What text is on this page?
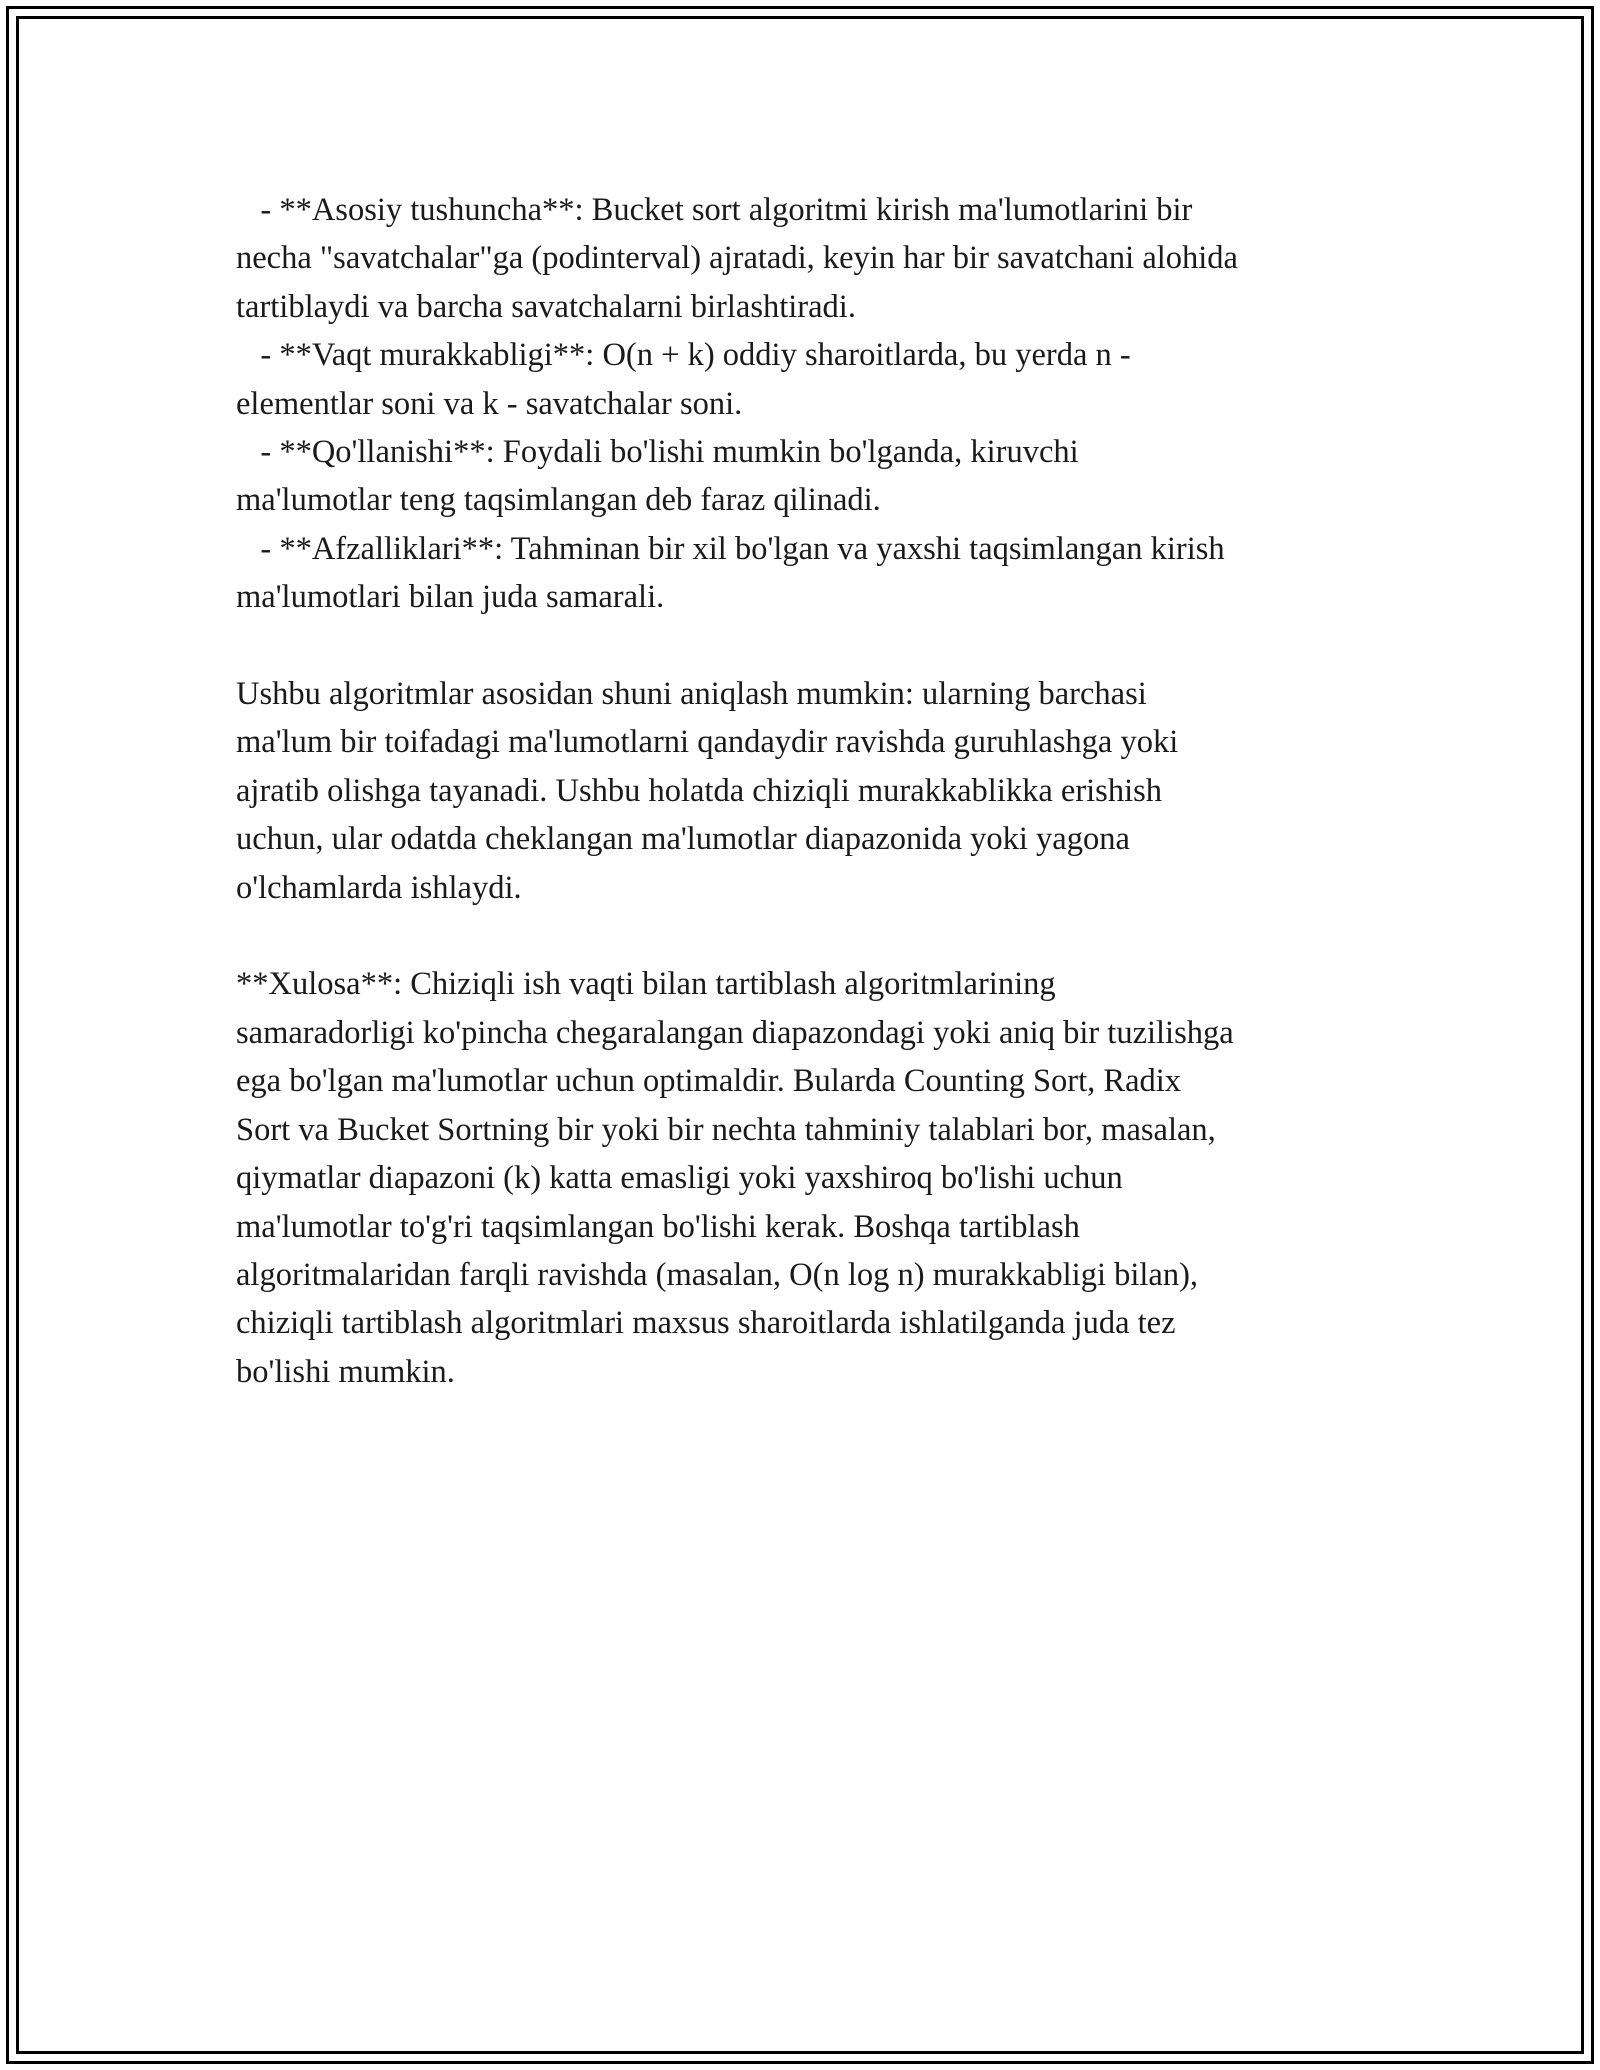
- **Asosiy tushuncha**: Bucket sort algoritmi kirish ma'lumotlarini bir
necha "savatchalar"ga (podinterval) ajratadi, keyin har bir savatchani alohida
tartiblaydi va barcha savatchalarni birlashtiradi.

- **Vaqt murakkabligi**: O(n + k) oddiy sharoitlarda, bu yerda n -
elementlar soni va k - savatchalar soni.

- **Qo'llanishi**: Foydali bo'lishi mumkin bo'lganda, kiruvchi
ma'lumotlar teng taqsimlangan deb faraz qilinadi.

- **Afzalliklari**: Tahminan bir xil bo'lgan va yaxshi taqsimlangan kirish
ma'lumotlari bilan juda samarali.

Ushbu algoritmlar asosidan shuni aniqlash mumkin: ularning barchasi
ma'lum bir toifadagi ma'lumotlarni qandaydir ravishda guruhlashga yoki
ajratib olishga tayanadi. Ushbu holatda chiziqli murakkablikka erishish
uchun, ular odatda cheklangan ma'lumotlar diapazonida yoki yagona
o'lchamlarda ishlaydi.

**Xulosa**: Chiziqli ish vaqti bilan tartiblash algoritmlarining
samaradorligi ko'pincha chegaralangan diapazondagi yoki aniq bir tuzilishga
ega bo'lgan ma'lumotlar uchun optimaldir. Bularda Counting Sort, Radix
Sort va Bucket Sortning bir yoki bir nechta tahminiy talablari bor, masalan,
qiymatlar diapazoni (k) katta emasligi yoki yaxshiroq bo'lishi uchun
ma'lumotlar to'g'ri taqsimlangan bo'lishi kerak. Boshqa tartiblash
algoritmalaridan farqli ravishda (masalan, O(n log n) murakkabligi bilan),
chiziqli tartiblash algoritmlari maxsus sharoitlarda ishlatilganda juda tez
bo'lishi mumkin.
